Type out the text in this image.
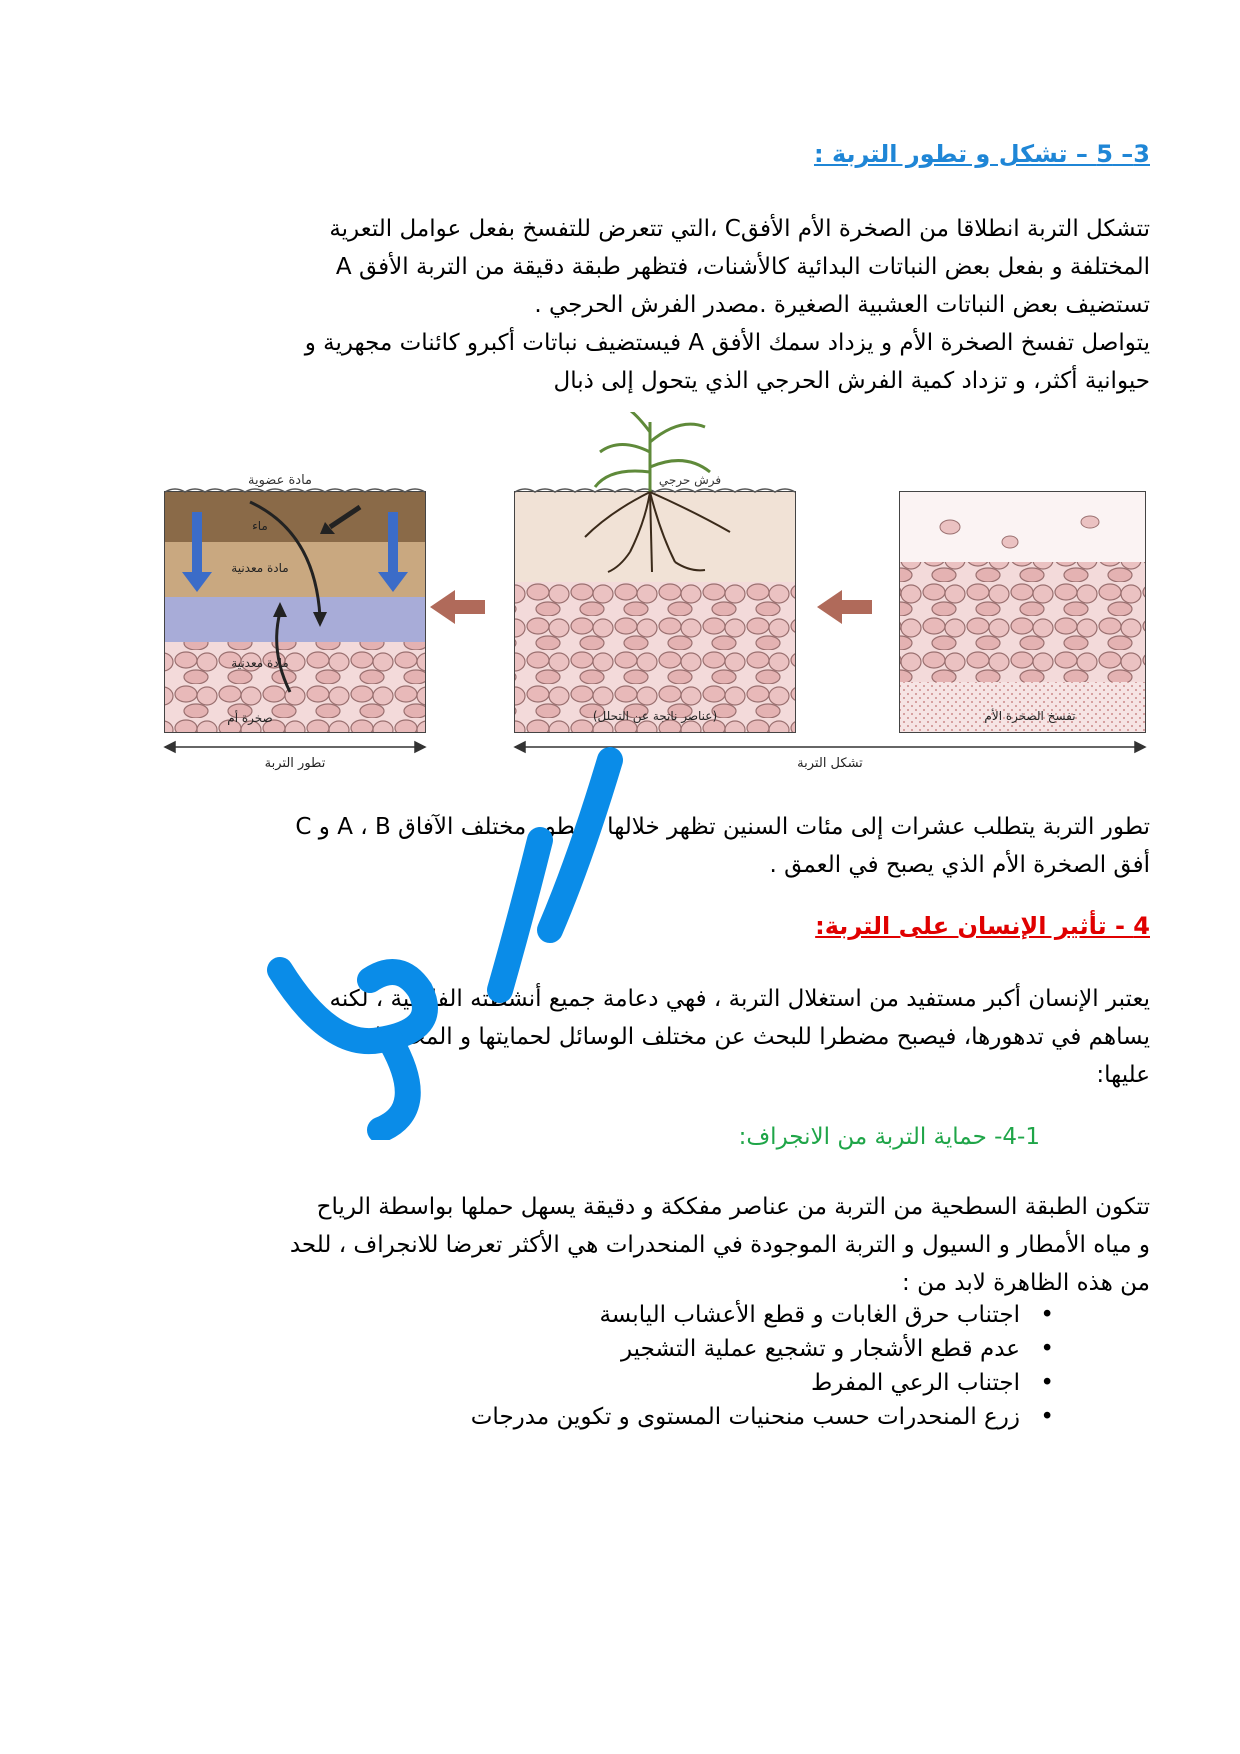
3– 5 – تشكل و تطور التربة :

تتشكل التربة انطلاقا من الصخرة الأم الأفقC ،التي تتعرض للتفسخ بفعل عوامل التعرية

المختلفة و بفعل بعض النباتات البدائية كالأشنات، فتظهر طبقة دقيقة من التربة الأفق A

تستضيف بعض النباتات العشبية الصغيرة .مصدر الفرش الحرجي .

يتواصل تفسخ الصخرة الأم و يزداد سمك الأفق A فيستضيف نباتات أكبرو كائنات مجهرية و

حيوانية أكثر، و تزداد كمية الفرش الحرجي الذي يتحول إلى ذبال

مادة عضوية
ماء
مادة معدنية
مادة معدنية
صخرة أم
فرش حرجي
(عناصر ناتجة عن التحلل)	تفسخ الصخرة الأم
تطور التربة	تشكل التربة

تطور التربة يتطلب عشرات إلى مئات السنين تظهر خلالها وتتطور مختلف الآفاق A ، B و C

أفق الصخرة الأم الذي يصبح في العمق .

4 - تأثير الإنسان على التربة:

يعتبر الإنسان أكبر مستفيد من استغلال التربة ، فهي دعامة جميع أنشطته الفلاحية ، لكنه

يساهم في تدهورها، فيصبح مضطرا للبحث عن مختلف الوسائل لحمايتها و المحافظة

عليها:

4-1- حماية التربة من الانجراف:

تتكون الطبقة السطحية من التربة من عناصر مفككة و دقيقة يسهل حملها بواسطة الرياح

و مياه الأمطار و السيول و التربة الموجودة في المنحدرات هي الأكثر تعرضا للانجراف ، للحد

من هذه الظاهرة لابد من :

• اجتناب حرق الغابات و قطع الأعشاب اليابسة
• عدم قطع الأشجار و تشجيع عملية التشجير
• اجتناب الرعي المفرط
• زرع المنحدرات حسب منحنيات المستوى و تكوين مدرجات
